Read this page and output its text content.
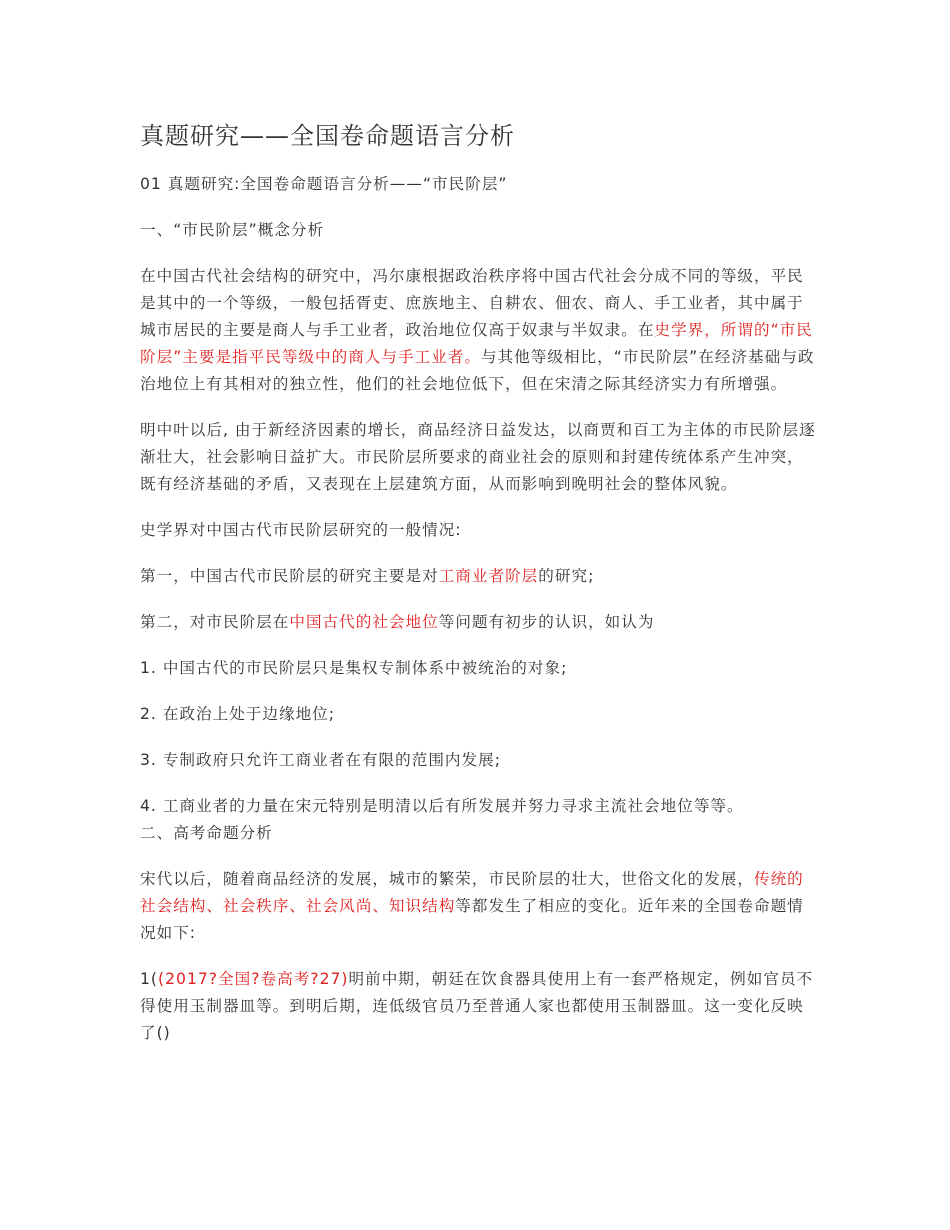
真题研究——全国卷命题语言分析
01 真题研究:全国卷命题语言分析——“市民阶层”
一、“市民阶层”概念分析
在中国古代社会结构的研究中，冯尔康根据政治秩序将中国古代社会分成不同的等级，平民是其中的一个等级，一般包括胥吏、庶族地主、自耕农、佃农、商人、手工业者，其中属于城市居民的主要是商人与手工业者，政治地位仅高于奴隶与半奴隶。在史学界，所谓的“市民阶层”主要是指平民等级中的商人与手工业者。与其他等级相比，“市民阶层”在经济基础与政治地位上有其相对的独立性，他们的社会地位低下，但在宋清之际其经济实力有所增强。
明中叶以后, 由于新经济因素的增长，商品经济日益发达，以商贾和百工为主体的市民阶层逐渐壮大，社会影响日益扩大。市民阶层所要求的商业社会的原则和封建传统体系产生冲突，既有经济基础的矛盾，又表现在上层建筑方面，从而影响到晚明社会的整体风貌。
史学界对中国古代市民阶层研究的一般情况:
第一，中国古代市民阶层的研究主要是对工商业者阶层的研究;
第二，对市民阶层在中国古代的社会地位等问题有初步的认识，如认为
1. 中国古代的市民阶层只是集权专制体系中被统治的对象;
2. 在政治上处于边缘地位;
3. 专制政府只允许工商业者在有限的范围内发展;
4. 工商业者的力量在宋元特别是明清以后有所发展并努力寻求主流社会地位等等。
二、高考命题分析
宋代以后，随着商品经济的发展，城市的繁荣，市民阶层的壮大，世俗文化的发展，传统的社会结构、社会秩序、社会风尚、知识结构等都发生了相应的变化。近年来的全国卷命题情况如下:
1((2017?全国?卷高考?27)明前中期，朝廷在饮食器具使用上有一套严格规定，例如官员不得使用玉制器皿等。到明后期，连低级官员乃至普通人家也都使用玉制器皿。这一变化反映了()
